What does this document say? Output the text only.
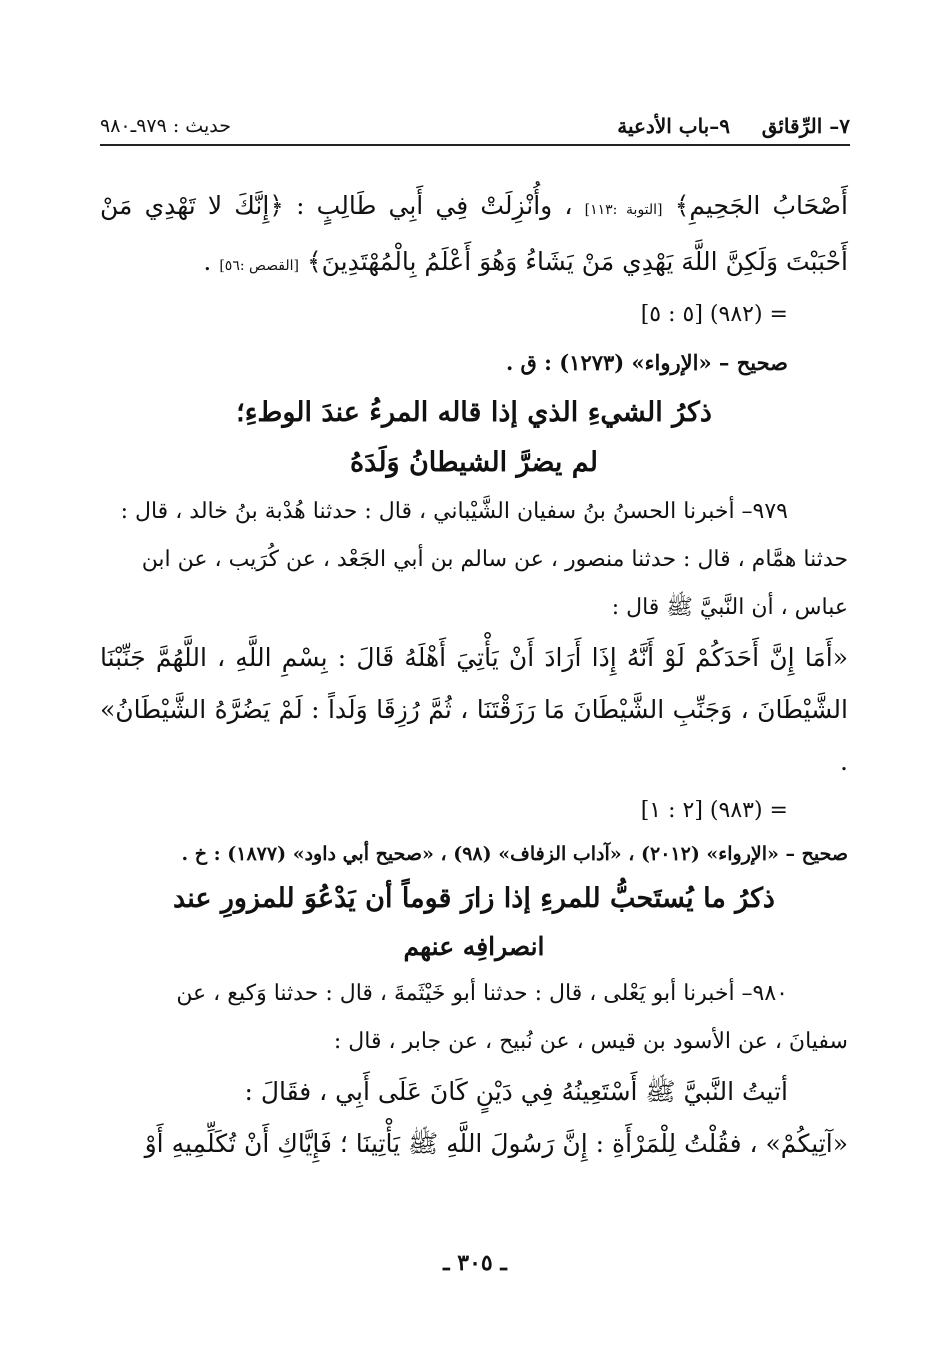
٧– الرِّقائق
٩–باب الأدعية
حديث : ٩٧٩ـ٩٨٠

أَصْحَابُ الجَحِيمِ﴾ [التوبة :١١٣] ، وأُنْزِلَتْ فِي أَبِي طَالِبٍ : ﴿إِنَّكَ لا تَهْدِي مَنْ أَحْبَبْتَ وَلَكِنَّ اللَّهَ يَهْدِي مَنْ يَشَاءُ وَهُوَ أَعْلَمُ بِالْمُهْتَدِينَ﴾ [القصص :٥٦] .

= (٩٨٢) [٥ : ٥]

صحيح – «الإرواء» (١٢٧٣) : ق .

ذكرُ الشيءِ الذي إذا قاله المرءُ عندَ الوطءِ؛

لم يضرَّ الشيطانُ وَلَدَهُ

٩٧٩– أخبرنا الحسنُ بنُ سفيان الشَّيْباني ، قال : حدثنا هُدْبة بنُ خالد ، قال :

حدثنا همَّام ، قال : حدثنا منصور ، عن سالم بن أبي الجَعْد ، عن كُرَيب ، عن ابن

عباس ، أن النَّبيَّ ﷺ قال :

«أَمَا إِنَّ أَحَدَكُمْ لَوْ أَنَّهُ إِذَا أَرَادَ أَنْ يَأْتِيَ أَهْلَهُ قَالَ : بِسْمِ اللَّهِ ، اللَّهُمَّ جَنِّبْنَا الشَّيْطَانَ ، وَجَنِّبِ الشَّيْطَانَ مَا رَزَقْتَنَا ، ثُمَّ رُزِقَا وَلَداً : لَمْ يَضُرَّهُ الشَّيْطَانُ» .

= (٩٨٣) [٢ : ١]

صحيح – «الإرواء» (٢٠١٢) ، «آداب الزفاف» (٩٨) ، «صحيح أبي داود» (١٨٧٧) : خ .

ذكرُ ما يُستَحبُّ للمرءِ إذا زارَ قوماً أن يَدْعُوَ للمزورِ عند

انصرافِه عنهم

٩٨٠– أخبرنا أبو يَعْلى ، قال : حدثنا أبو خَيْثَمةَ ، قال : حدثنا وَكيع ، عن

سفيانَ ، عن الأسود بن قيس ، عن نُبيح ، عن جابر ، قال :

أتيتُ النَّبيَّ ﷺ أَسْتَعِينُهُ فِي دَيْنٍ كَانَ عَلَى أَبِي ، فقَالَ :

«آتِيكُمْ» ، فقُلْتُ لِلْمَرْأَةِ : إِنَّ رَسُولَ اللَّهِ ﷺ يَأْتِينَا ؛ فَإِيَّاكِ أَنْ تُكَلِّمِيهِ أَوْ

ـ ٣٠٥ ـ
